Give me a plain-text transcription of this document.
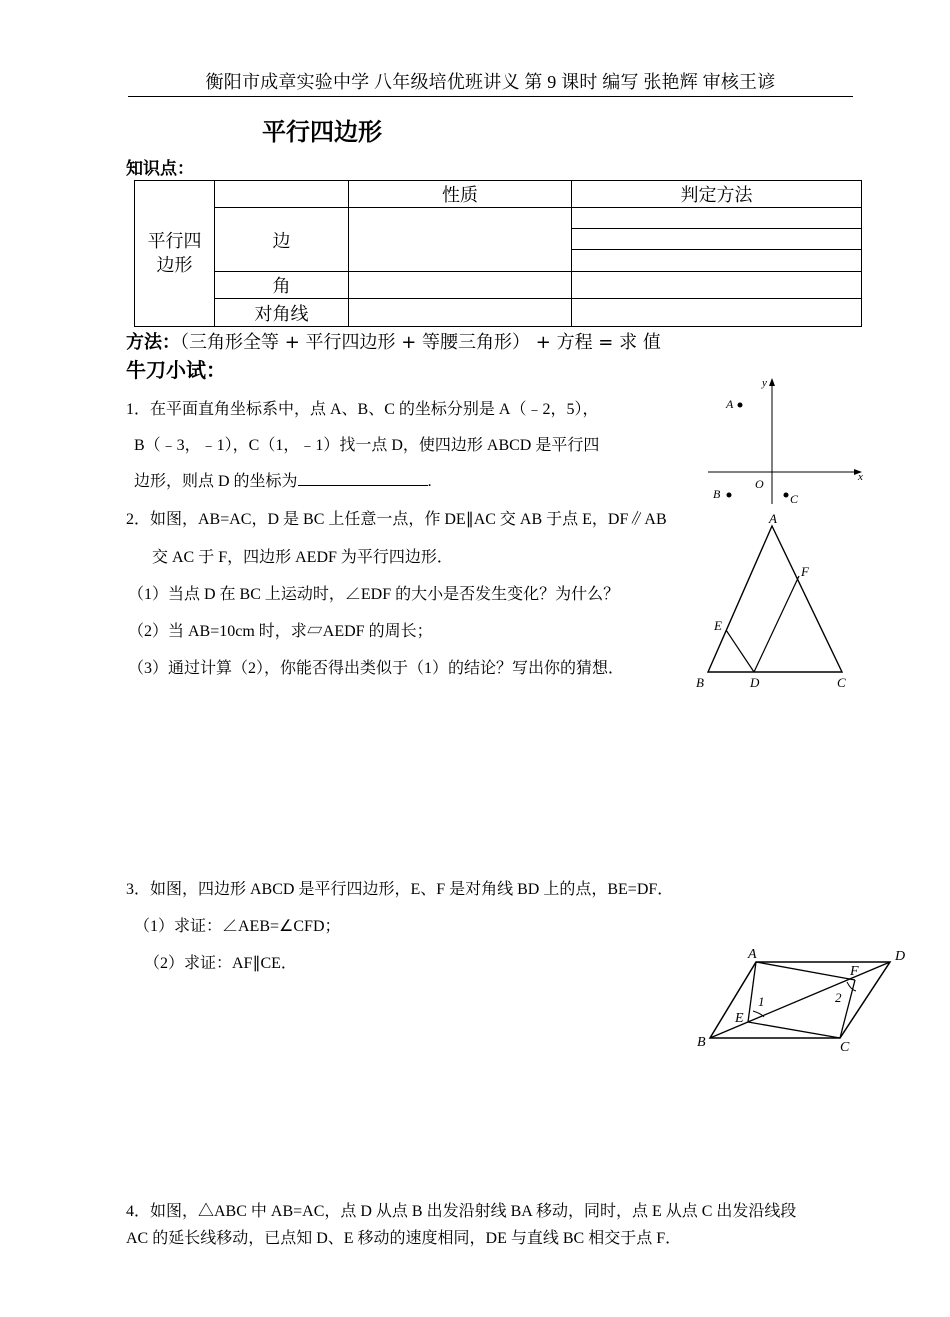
衡阳市成章实验中学 八年级培优班讲义 第 9 课时 编写 张艳辉 审核王谚
平行四边形
知识点：
平行四边形		性质	判定方法
	边		

	角		
	对角线		
方法：（三角形全等 + 平行四边形 + 等腰三角形） + 方程 = 求 值
牛刀小试：
1．在平面直角坐标系中，点 A、B、C 的坐标分别是 A（﹣2，5），
B（﹣3，﹣1），C（1，﹣1）找一点 D，使四边形 ABCD 是平行四
边形，则点 D 的坐标为	.
2．如图，AB=AC，D 是 BC 上任意一点，作 DE∥AC 交 AB 于点 E，DF∥AB
交 AC 于 F，四边形 AEDF 为平行四边形．
（1）当点 D 在 BC 上运动时，∠EDF 的大小是否发生变化？为什么？
（2）当 AB=10cm 时，求▱AEDF 的周长；
（3）通过计算（2），你能否得出类似于（1）的结论？写出你的猜想．
3．如图，四边形 ABCD 是平行四边形，E、F 是对角线 BD 上的点，BE=DF．
（1）求证：∠AEB=∠CFD；
（2）求证：AF∥CE．
4．如图，△ABC 中 AB=AC，点 D 从点 B 出发沿射线 BA 移动，同时，点 E 从点 C 出发沿线段
AC 的延长线移动，已点知 D、E 移动的速度相同，DE 与直线 BC 相交于点 F．
y
x
O
A
B	C
A
B	C
D
E
F
A
B	C
D
E
F
1	2
